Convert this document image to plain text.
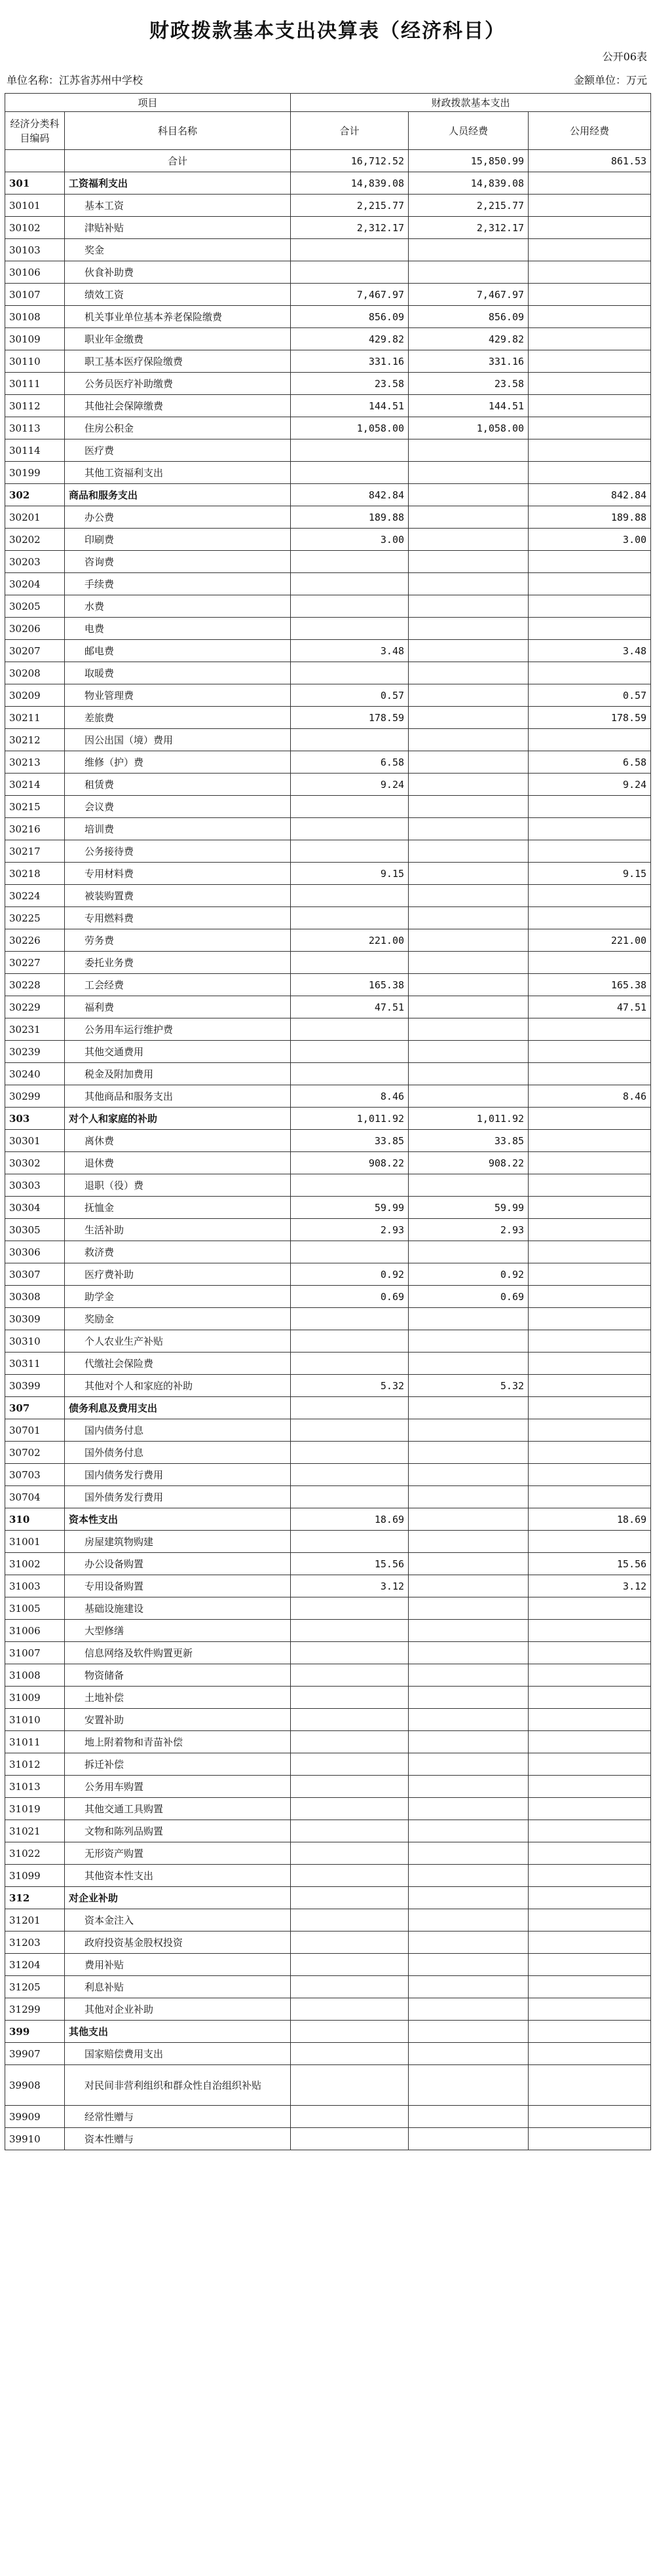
财政拨款基本支出决算表（经济科目）
公开06表
单位名称：江苏省苏州中学校	金额单位：万元
项目		财政拨款基本支出		
经济分类科目编码	科目名称	合计	人员经费	公用经费
	合计	16,712.52	15,850.99	861.53
301	工资福利支出	14,839.08	14,839.08	
30101	基本工资	2,215.77	2,215.77	
30102	津贴补贴	2,312.17	2,312.17	
30103	奖金			
30106	伙食补助费			
30107	绩效工资	7,467.97	7,467.97	
30108	机关事业单位基本养老保险缴费	856.09	856.09	
30109	职业年金缴费	429.82	429.82	
30110	职工基本医疗保险缴费	331.16	331.16	
30111	公务员医疗补助缴费	23.58	23.58	
30112	其他社会保障缴费	144.51	144.51	
30113	住房公积金	1,058.00	1,058.00	
30114	医疗费			
30199	其他工资福利支出			
302	商品和服务支出	842.84		842.84
30201	办公费	189.88		189.88
30202	印刷费	3.00		3.00
30203	咨询费			
30204	手续费			
30205	水费			
30206	电费			
30207	邮电费	3.48		3.48
30208	取暖费			
30209	物业管理费	0.57		0.57
30211	差旅费	178.59		178.59
30212	因公出国（境）费用			
30213	维修（护）费	6.58		6.58
30214	租赁费	9.24		9.24
30215	会议费			
30216	培训费			
30217	公务接待费			
30218	专用材料费	9.15		9.15
30224	被装购置费			
30225	专用燃料费			
30226	劳务费	221.00		221.00
30227	委托业务费			
30228	工会经费	165.38		165.38
30229	福利费	47.51		47.51
30231	公务用车运行维护费			
30239	其他交通费用			
30240	税金及附加费用			
30299	其他商品和服务支出	8.46		8.46
303	对个人和家庭的补助	1,011.92	1,011.92	
30301	离休费	33.85	33.85	
30302	退休费	908.22	908.22	
30303	退职（役）费			
30304	抚恤金	59.99	59.99	
30305	生活补助	2.93	2.93	
30306	救济费			
30307	医疗费补助	0.92	0.92	
30308	助学金	0.69	0.69	
30309	奖励金			
30310	个人农业生产补贴			
30311	代缴社会保险费			
30399	其他对个人和家庭的补助	5.32	5.32	
307	债务利息及费用支出			
30701	国内债务付息			
30702	国外债务付息			
30703	国内债务发行费用			
30704	国外债务发行费用			
310	资本性支出	18.69		18.69
31001	房屋建筑物购建			
31002	办公设备购置	15.56		15.56
31003	专用设备购置	3.12		3.12
31005	基础设施建设			
31006	大型修缮			
31007	信息网络及软件购置更新			
31008	物资储备			
31009	土地补偿			
31010	安置补助			
31011	地上附着物和青苗补偿			
31012	拆迁补偿			
31013	公务用车购置			
31019	其他交通工具购置			
31021	文物和陈列品购置			
31022	无形资产购置			
31099	其他资本性支出			
312	对企业补助			
31201	资本金注入			
31203	政府投资基金股权投资			
31204	费用补贴			
31205	利息补贴			
31299	其他对企业补助			
399	其他支出			
39907	国家赔偿费用支出			
39908	对民间非营利组织和群众性自治组织补贴			
39909	经常性赠与			
39910	资本性赠与			
